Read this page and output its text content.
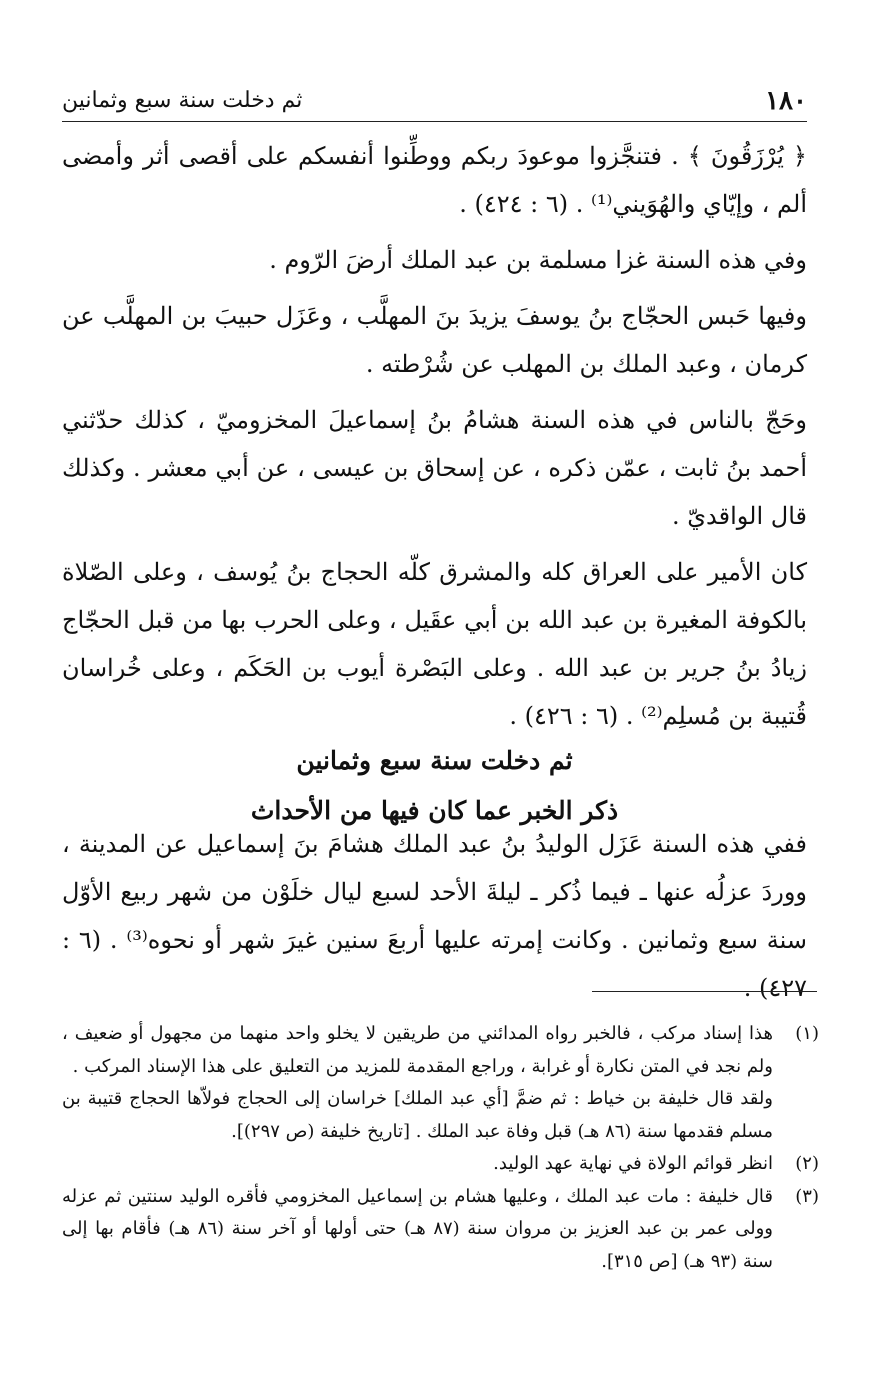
١٨٠
ثم دخلت سنة سبع وثمانين

﴿ يُرْزَقُونَ ﴾ . فتنجَّزوا موعودَ ربكم ووطِّنوا أنفسكم على أقصى أثر وأمضى ألم ، وإيّاي والهُوَيني⁽¹⁾ . (٦ : ٤٢٤) .

وفي هذه السنة غزا مسلمة بن عبد الملك أرضَ الرّوم .

وفيها حَبس الحجّاج بنُ يوسفَ يزيدَ بنَ المهلَّب ، وعَزَل حبيبَ بن المهلَّب عن كرمان ، وعبد الملك بن المهلب عن شُرْطته .

وحَجّ بالناس في هذه السنة هشامُ بنُ إسماعيلَ المخزوميّ ، كذلك حدّثني أحمد بنُ ثابت ، عمّن ذكره ، عن إسحاق بن عيسى ، عن أبي معشر . وكذلك قال الواقديّ .

كان الأمير على العراق كله والمشرق كلّه الحجاج بنُ يُوسف ، وعلى الصّلاة بالكوفة المغيرة بن عبد الله بن أبي عقَيل ، وعلى الحرب بها من قبل الحجّاج زيادُ بنُ جرير بن عبد الله . وعلى البَصْرة أيوب بن الحَكَم ، وعلى خُراسان قُتيبة بن مُسلِم⁽²⁾ . (٦ : ٤٢٦) .

ثم دخلت سنة سبع وثمانين

ذكر الخبر عما كان فيها من الأحداث

ففي هذه السنة عَزَل الوليدُ بنُ عبد الملك هشامَ بنَ إسماعيل عن المدينة ، ووردَ عزلُه عنها ـ فيما ذُكر ـ ليلةَ الأحد لسبع ليال خلَوْن من شهر ربيع الأوّل سنة سبع وثمانين . وكانت إمرته عليها أربعَ سنين غيرَ شهر أو نحوه⁽³⁾ . (٦ : ٤٢٧) .

(١)
هذا إسناد مركب ، فالخبر رواه المدائني من طريقين لا يخلو واحد منهما من مجهول أو ضعيف ، ولم نجد في المتن نكارة أو غرابة ، وراجع المقدمة للمزيد من التعليق على هذا الإسناد المركب .
ولقد قال خليفة بن خياط : ثم ضمَّ [أي عبد الملك] خراسان إلى الحجاج فولاّها الحجاج قتيبة بن مسلم فقدمها سنة (٨٦ هـ) قبل وفاة عبد الملك . [تاريخ خليفة (ص ٢٩٧)].
(٢)
انظر قوائم الولاة في نهاية عهد الوليد.
(٣)
قال خليفة : مات عبد الملك ، وعليها هشام بن إسماعيل المخزومي فأقره الوليد سنتين ثم عزله وولى عمر بن عبد العزيز بن مروان سنة (٨٧ هـ) حتى أولها أو آخر سنة (٨٦ هـ) فأقام بها إلى سنة (٩٣ هـ) [ص ٣١٥].
